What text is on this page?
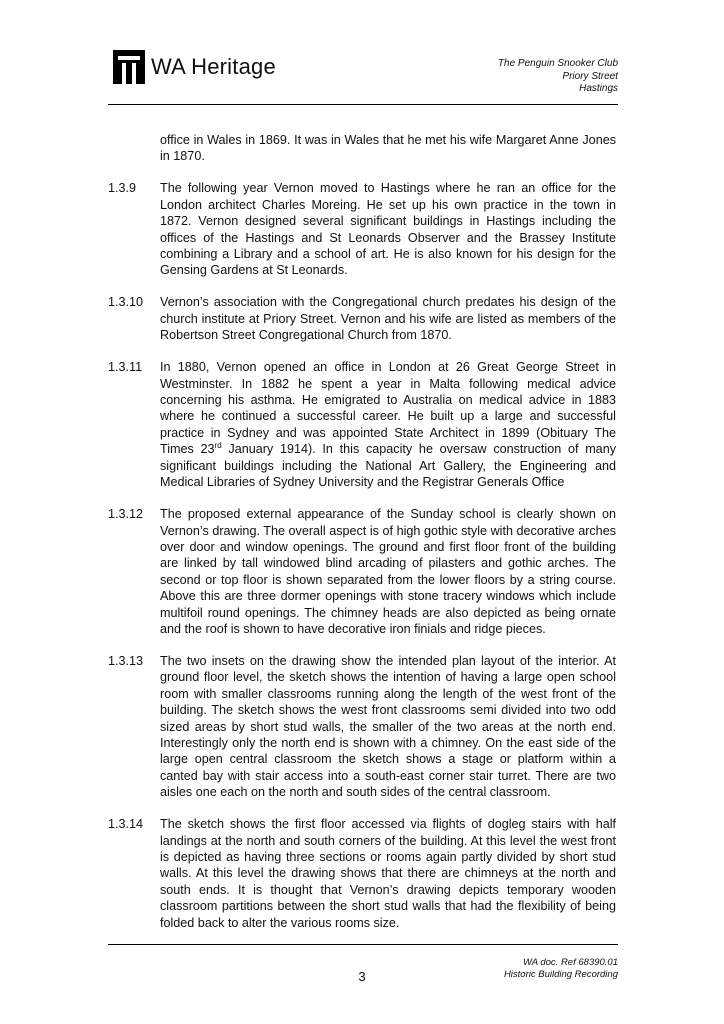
WA Heritage	The Penguin Snooker Club
Priory Street
Hastings
office in Wales in 1869. It was in Wales that he met his wife Margaret Anne Jones in 1870.
1.3.9	The following year Vernon moved to Hastings where he ran an office for the London architect Charles Moreing. He set up his own practice in the town in 1872. Vernon designed several significant buildings in Hastings including the offices of the Hastings and St Leonards Observer and the Brassey Institute combining a Library and a school of art. He is also known for his design for the Gensing Gardens at St Leonards.
1.3.10	Vernon’s association with the Congregational church predates his design of the church institute at Priory Street. Vernon and his wife are listed as members of the Robertson Street Congregational Church from 1870.
1.3.11	In 1880, Vernon opened an office in London at 26 Great George Street in Westminster. In 1882 he spent a year in Malta following medical advice concerning his asthma. He emigrated to Australia on medical advice in 1883 where he continued a successful career. He built up a large and successful practice in Sydney and was appointed State Architect in 1899 (Obituary The Times 23rd January 1914). In this capacity he oversaw construction of many significant buildings including the National Art Gallery, the Engineering and Medical Libraries of Sydney University and the Registrar Generals Office
1.3.12	The proposed external appearance of the Sunday school is clearly shown on Vernon’s drawing. The overall aspect is of high gothic style with decorative arches over door and window openings. The ground and first floor front of the building are linked by tall windowed blind arcading of pilasters and gothic arches. The second or top floor is shown separated from the lower floors by a string course. Above this are three dormer openings with stone tracery windows which include multifoil round openings. The chimney heads are also depicted as being ornate and the roof is shown to have decorative iron finials and ridge pieces.
1.3.13	The two insets on the drawing show the intended plan layout of the interior. At ground floor level, the sketch shows the intention of having a large open school room with smaller classrooms running along the length of the west front of the building. The sketch shows the west front classrooms semi divided into two odd sized areas by short stud walls, the smaller of the two areas at the north end. Interestingly only the north end is shown with a chimney. On the east side of the large open central classroom the sketch shows a stage or platform within a canted bay with stair access into a south-east corner stair turret. There are two aisles one each on the north and south sides of the central classroom.
1.3.14	The sketch shows the first floor accessed via flights of dogleg stairs with half landings at the north and south corners of the building. At this level the west front is depicted as having three sections or rooms again partly divided by short stud walls. At this level the drawing shows that there are chimneys at the north and south ends. It is thought that Vernon’s drawing depicts temporary wooden classroom partitions between the short stud walls that had the flexibility of being folded back to alter the various rooms size.
WA doc. Ref 68390.01
Historic Building Recording
3
